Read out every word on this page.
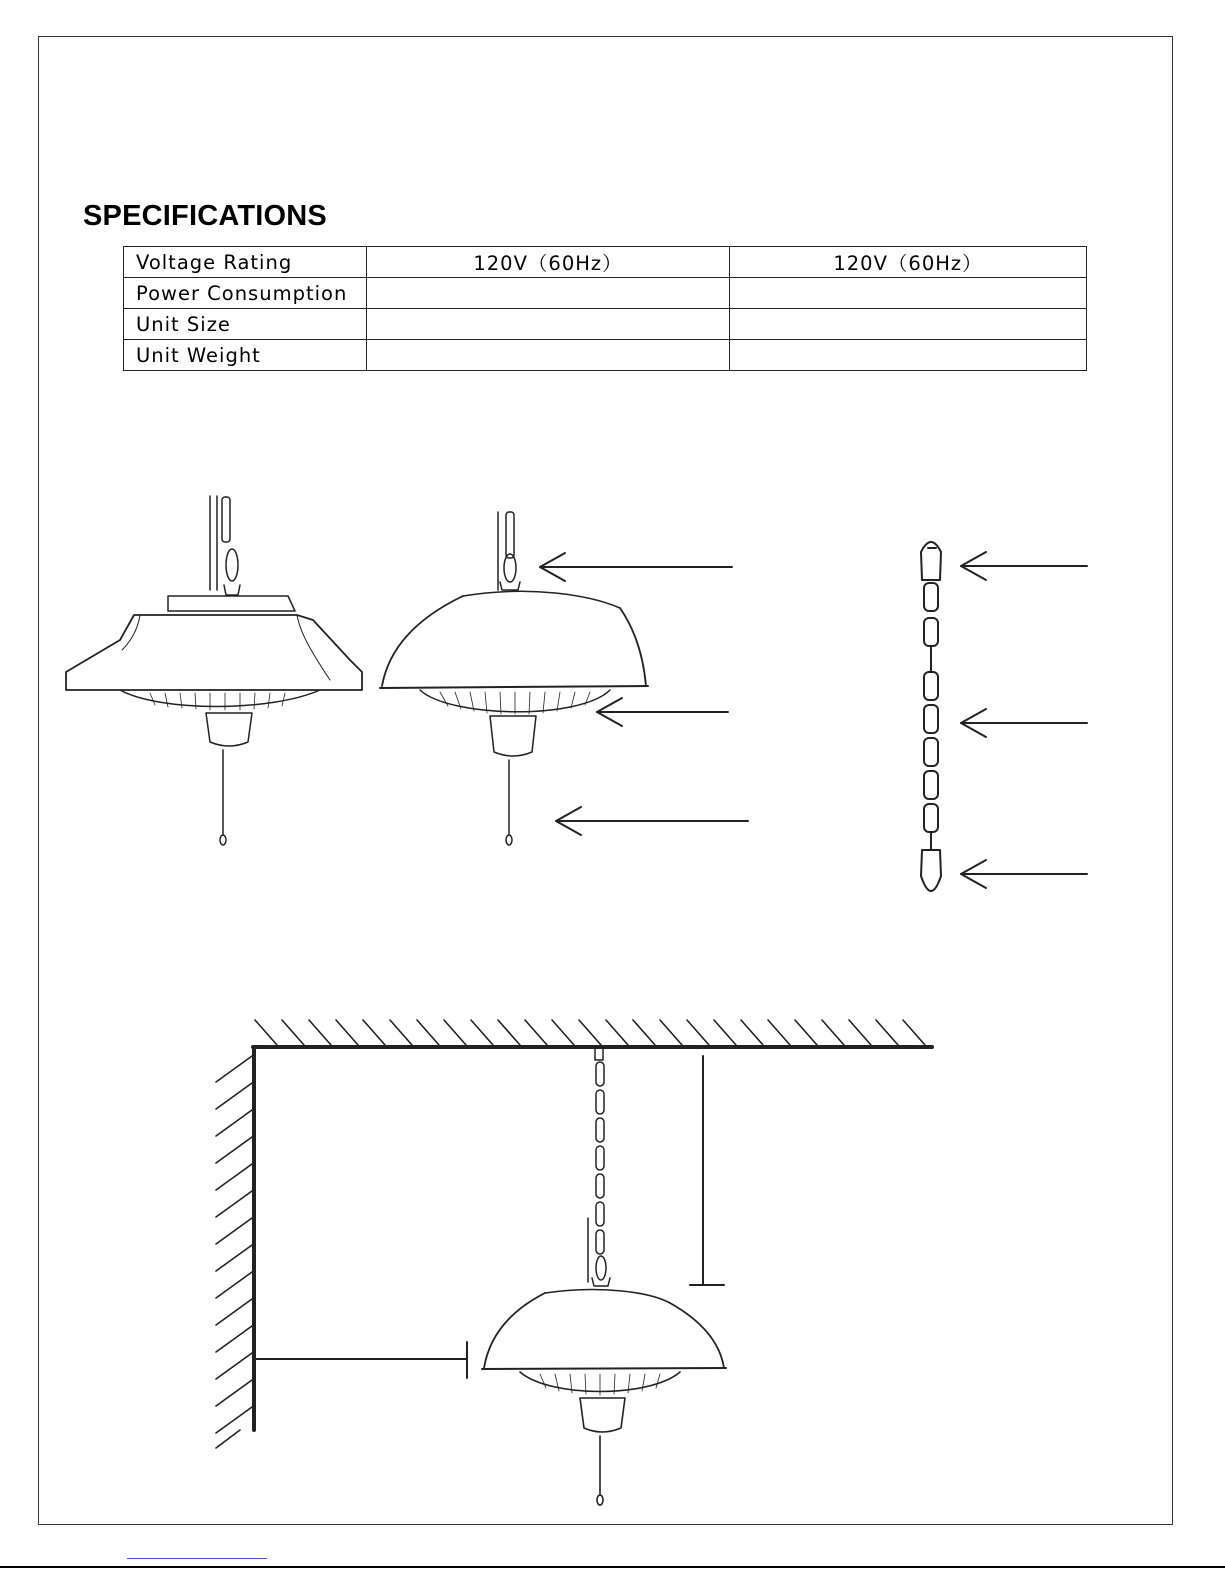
SPECIFICATIONS
Voltage Rating	120V（60Hz）	120V（60Hz）
Power Consumption		
Unit Size		
Unit Weight		
